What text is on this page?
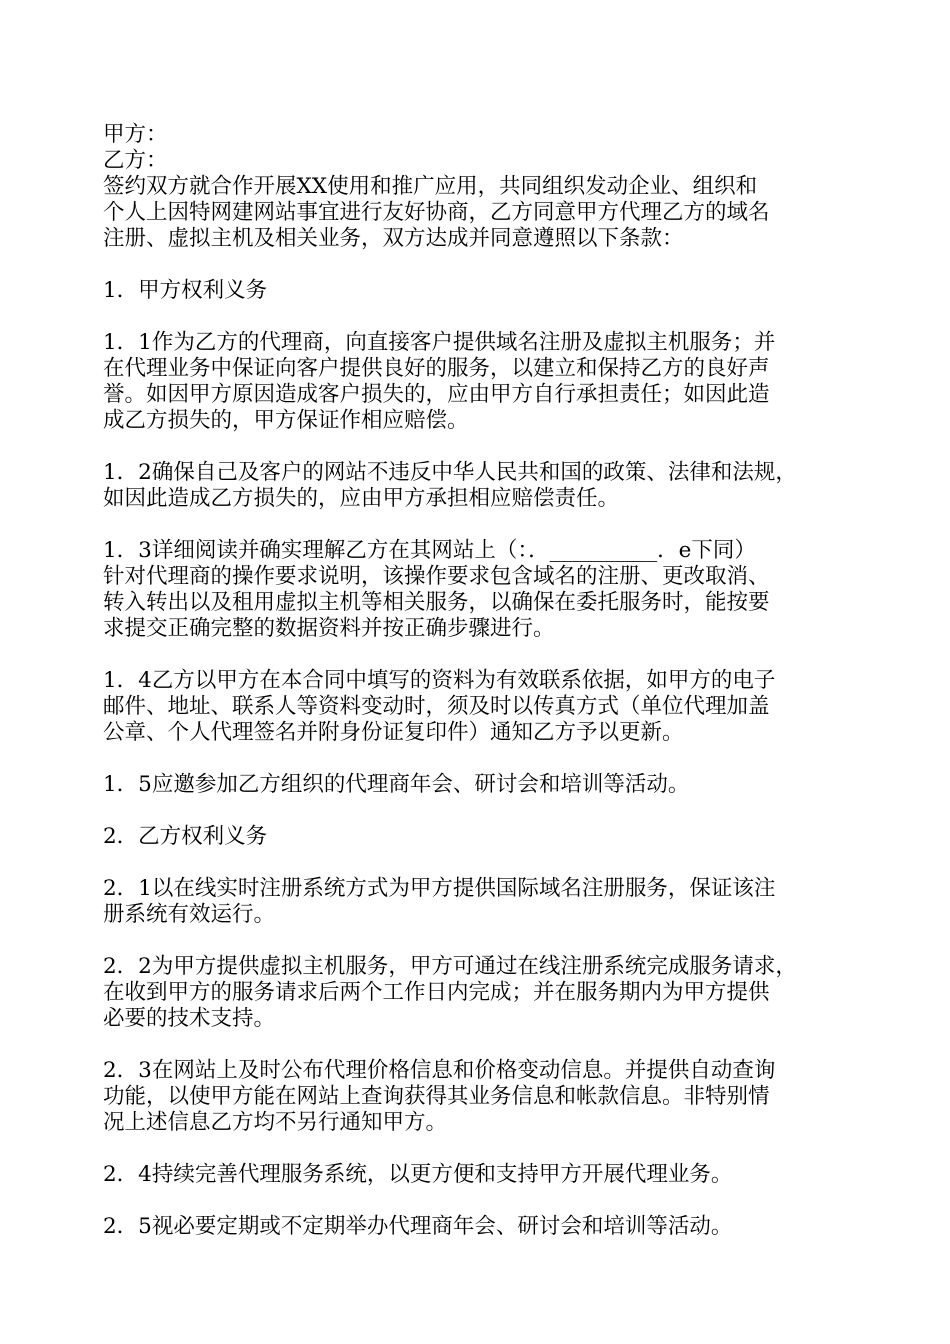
甲方：

乙方：

签约双方就合作开展XX使用和推广应用，共同组织发动企业、组织和

个人上因特网建网站事宜进行友好协商，乙方同意甲方代理乙方的域名

注册、虚拟主机及相关业务，双方达成并同意遵照以下条款：

1．甲方权利义务

1．1作为乙方的代理商，向直接客户提供域名注册及虚拟主机服务；并

在代理业务中保证向客户提供良好的服务，以建立和保持乙方的良好声

誉。如因甲方原因造成客户损失的，应由甲方自行承担责任；如因此造

成乙方损失的，甲方保证作相应赔偿。

1．2确保自己及客户的网站不违反中华人民共和国的政策、法律和法规，

如因此造成乙方损失的，应由甲方承担相应赔偿责任。

1．3详细阅读并确实理解乙方在其网站上（：．__________．e下同）

针对代理商的操作要求说明，该操作要求包含域名的注册、更改取消、

转入转出以及租用虚拟主机等相关服务，以确保在委托服务时，能按要

求提交正确完整的数据资料并按正确步骤进行。

1．4乙方以甲方在本合同中填写的资料为有效联系依据，如甲方的电子

邮件、地址、联系人等资料变动时，须及时以传真方式（单位代理加盖

公章、个人代理签名并附身份证复印件）通知乙方予以更新。

1．5应邀参加乙方组织的代理商年会、研讨会和培训等活动。

2．乙方权利义务

2．1以在线实时注册系统方式为甲方提供国际域名注册服务，保证该注

册系统有效运行。

2．2为甲方提供虚拟主机服务，甲方可通过在线注册系统完成服务请求，

在收到甲方的服务请求后两个工作日内完成；并在服务期内为甲方提供

必要的技术支持。

2．3在网站上及时公布代理价格信息和价格变动信息。并提供自动查询

功能，以使甲方能在网站上查询获得其业务信息和帐款信息。非特别情

况上述信息乙方均不另行通知甲方。

2．4持续完善代理服务系统，以更方便和支持甲方开展代理业务。

2．5视必要定期或不定期举办代理商年会、研讨会和培训等活动。
